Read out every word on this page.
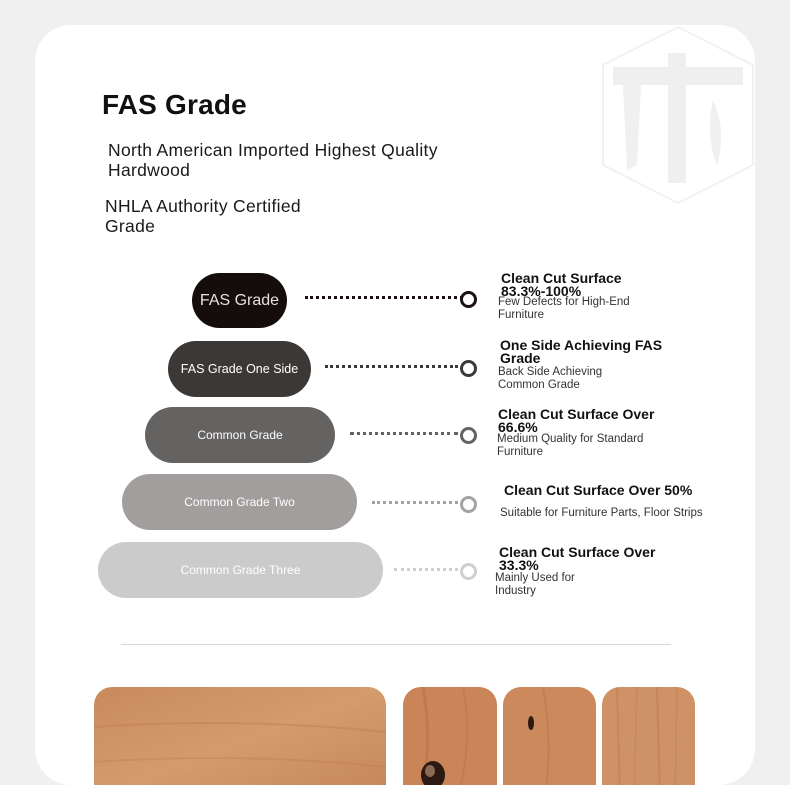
FAS Grade
North American Imported Highest Quality Hardwood
NHLA Authority Certified Grade
FAS Grade
Clean Cut Surface 83.3%-100%
Few Defects for High-End Furniture
FAS Grade One Side
One Side Achieving FAS Grade
Back Side Achieving Common Grade
Common Grade
Clean Cut Surface Over 66.6%
Medium Quality for Standard Furniture
Common Grade Two
Clean Cut Surface Over 50%
Suitable for Furniture Parts, Floor Strips
Common Grade Three
Clean Cut Surface Over 33.3%
Mainly Used for Industry
